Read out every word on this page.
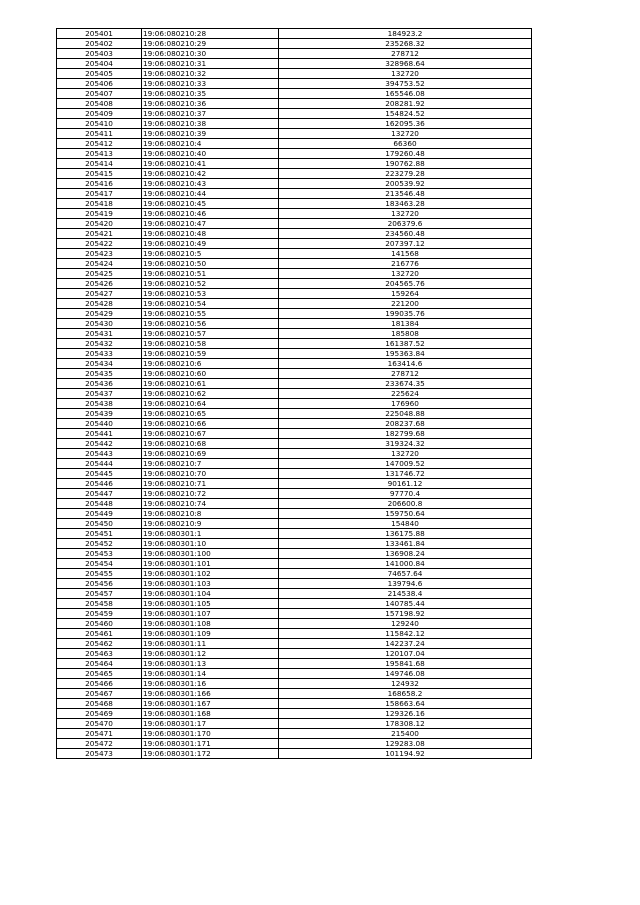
205401	19:06:080210:28	184923.2
205402	19:06:080210:29	235268.32
205403	19:06:080210:30	278712
205404	19:06:080210:31	328968.64
205405	19:06:080210:32	132720
205406	19:06:080210:33	394753.52
205407	19:06:080210:35	165546.08
205408	19:06:080210:36	208281.92
205409	19:06:080210:37	154824.52
205410	19:06:080210:38	162095.36
205411	19:06:080210:39	132720
205412	19:06:080210:4	66360
205413	19:06:080210:40	179260.48
205414	19:06:080210:41	190762.88
205415	19:06:080210:42	223279.28
205416	19:06:080210:43	200539.92
205417	19:06:080210:44	213546.48
205418	19:06:080210:45	183463.28
205419	19:06:080210:46	132720
205420	19:06:080210:47	206379.6
205421	19:06:080210:48	234560.48
205422	19:06:080210:49	207397.12
205423	19:06:080210:5	141568
205424	19:06:080210:50	216776
205425	19:06:080210:51	132720
205426	19:06:080210:52	204565.76
205427	19:06:080210:53	159264
205428	19:06:080210:54	221200
205429	19:06:080210:55	199035.76
205430	19:06:080210:56	181384
205431	19:06:080210:57	185808
205432	19:06:080210:58	161387.52
205433	19:06:080210:59	195363.84
205434	19:06:080210:6	163414.6
205435	19:06:080210:60	278712
205436	19:06:080210:61	233674.35
205437	19:06:080210:62	225624
205438	19:06:080210:64	176960
205439	19:06:080210:65	225048.88
205440	19:06:080210:66	208237.68
205441	19:06:080210:67	182799.68
205442	19:06:080210:68	319324.32
205443	19:06:080210:69	132720
205444	19:06:080210:7	147009.52
205445	19:06:080210:70	131746.72
205446	19:06:080210:71	90161.12
205447	19:06:080210:72	97770.4
205448	19:06:080210:74	206600.8
205449	19:06:080210:8	159750.64
205450	19:06:080210:9	154840
205451	19:06:080301:1	136175.88
205452	19:06:080301:10	133461.84
205453	19:06:080301:100	136908.24
205454	19:06:080301:101	141000.84
205455	19:06:080301:102	74657.64
205456	19:06:080301:103	139794.6
205457	19:06:080301:104	214538.4
205458	19:06:080301:105	140785.44
205459	19:06:080301:107	157198.92
205460	19:06:080301:108	129240
205461	19:06:080301:109	115842.12
205462	19:06:080301:11	142237.24
205463	19:06:080301:12	120107.04
205464	19:06:080301:13	195841.68
205465	19:06:080301:14	149746.08
205466	19:06:080301:16	124932
205467	19:06:080301:166	168658.2
205468	19:06:080301:167	158663.64
205469	19:06:080301:168	129326.16
205470	19:06:080301:17	178308.12
205471	19:06:080301:170	215400
205472	19:06:080301:171	129283.08
205473	19:06:080301:172	101194.92
